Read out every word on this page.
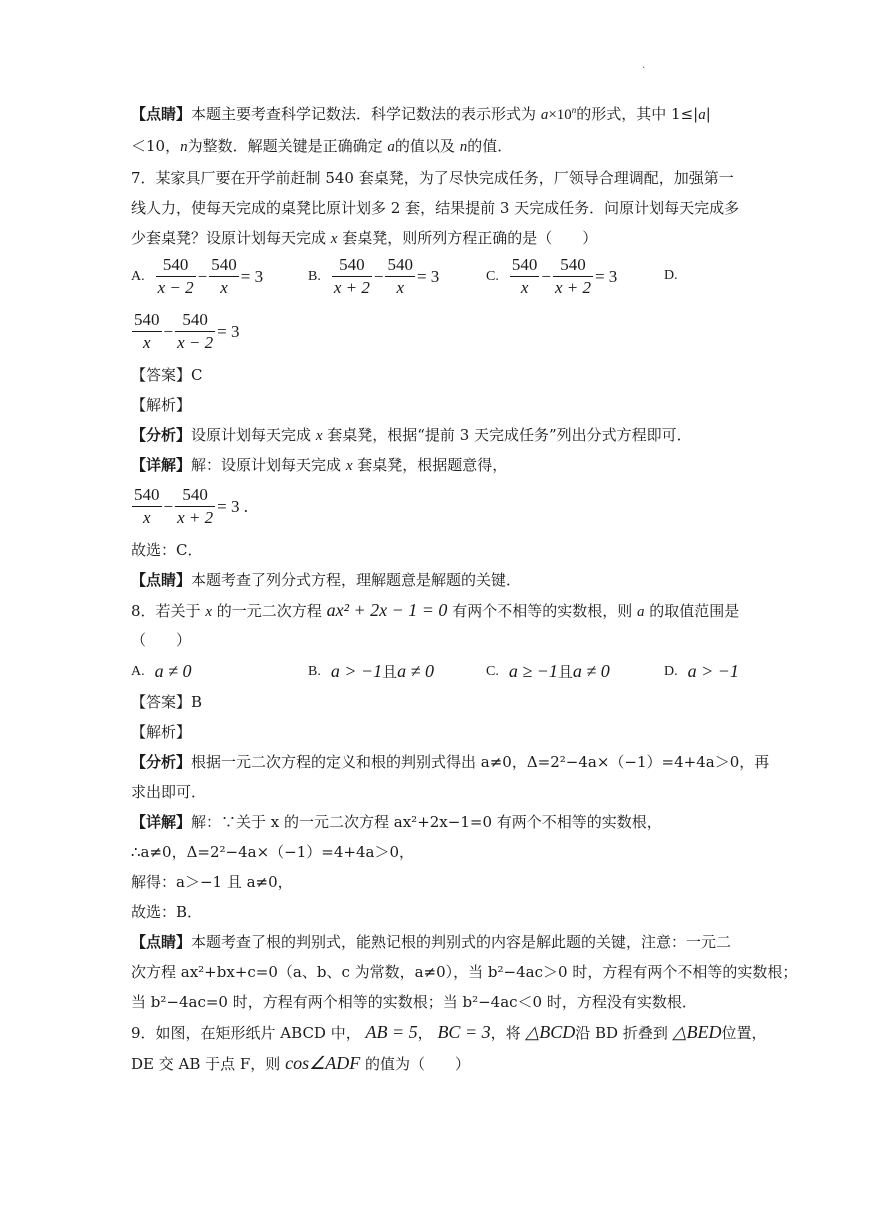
.
【点睛】本题主要考查科学记数法．科学记数法的表示形式为 $a\times 10^n$的形式，其中 1≤|a|
＜10，n为整数．解题关键是正确确定 a的值以及 n的值．
7．某家具厂要在开学前赶制 540 套桌凳，为了尽快完成任务，厂领导合理调配，加强第一
线人力，使每天完成的桌凳比原计划多 2 套，结果提前 3 天完成任务．问原计划每天完成多
少套桌凳？设原计划每天完成 x 套桌凳，则所列方程正确的是（　　）
A. $\frac{540}{x - 2} - \frac{540}{x} = 3$	B. $\frac{540}{x + 2} - \frac{540}{x} = 3$	C. $\frac{540}{x} - \frac{540}{x + 2} = 3$	D.
$\frac{540}{x} - \frac{540}{x - 2} = 3$
【答案】C
【解析】
【分析】设原计划每天完成 x 套桌凳，根据“提前 3 天完成任务”列出分式方程即可．
【详解】解：设原计划每天完成 x 套桌凳，根据题意得，
$\frac{540}{x} - \frac{540}{x + 2} = 3$ .
故选：C．
【点睛】本题考查了列分式方程，理解题意是解题的关键．
8．若关于 x 的一元二次方程 ax² + 2x − 1 = 0 有两个不相等的实数根，则 a 的取值范围是
（　　）
A. a ≠ 0	B. a > −1 且 a ≠ 0	C. a ≥ −1 且 a ≠ 0	D. a > −1
【答案】B
【解析】
【分析】根据一元二次方程的定义和根的判别式得出 a≠0，Δ=2²−4a×（−1）=4+4a＞0，再
求出即可．
【详解】解：∵关于 x 的一元二次方程 ax²+2x−1=0 有两个不相等的实数根，
∴a≠0，Δ=2²−4a×（−1）=4+4a＞0，
解得：a＞−1 且 a≠0，
故选：B．
【点睛】本题考查了根的判别式，能熟记根的判别式的内容是解此题的关键，注意：一元二
次方程 ax²+bx+c=0（a、b、c 为常数，a≠0），当 b²−4ac＞0 时，方程有两个不相等的实数根；
当 b²−4ac=0 时，方程有两个相等的实数根；当 b²−4ac＜0 时，方程没有实数根．
9．如图，在矩形纸片 ABCD 中， AB = 5， BC = 3，将 △BCD沿 BD 折叠到 △BED位置，
DE 交 AB 于点 F，则 cos∠ADF 的值为（　　）
